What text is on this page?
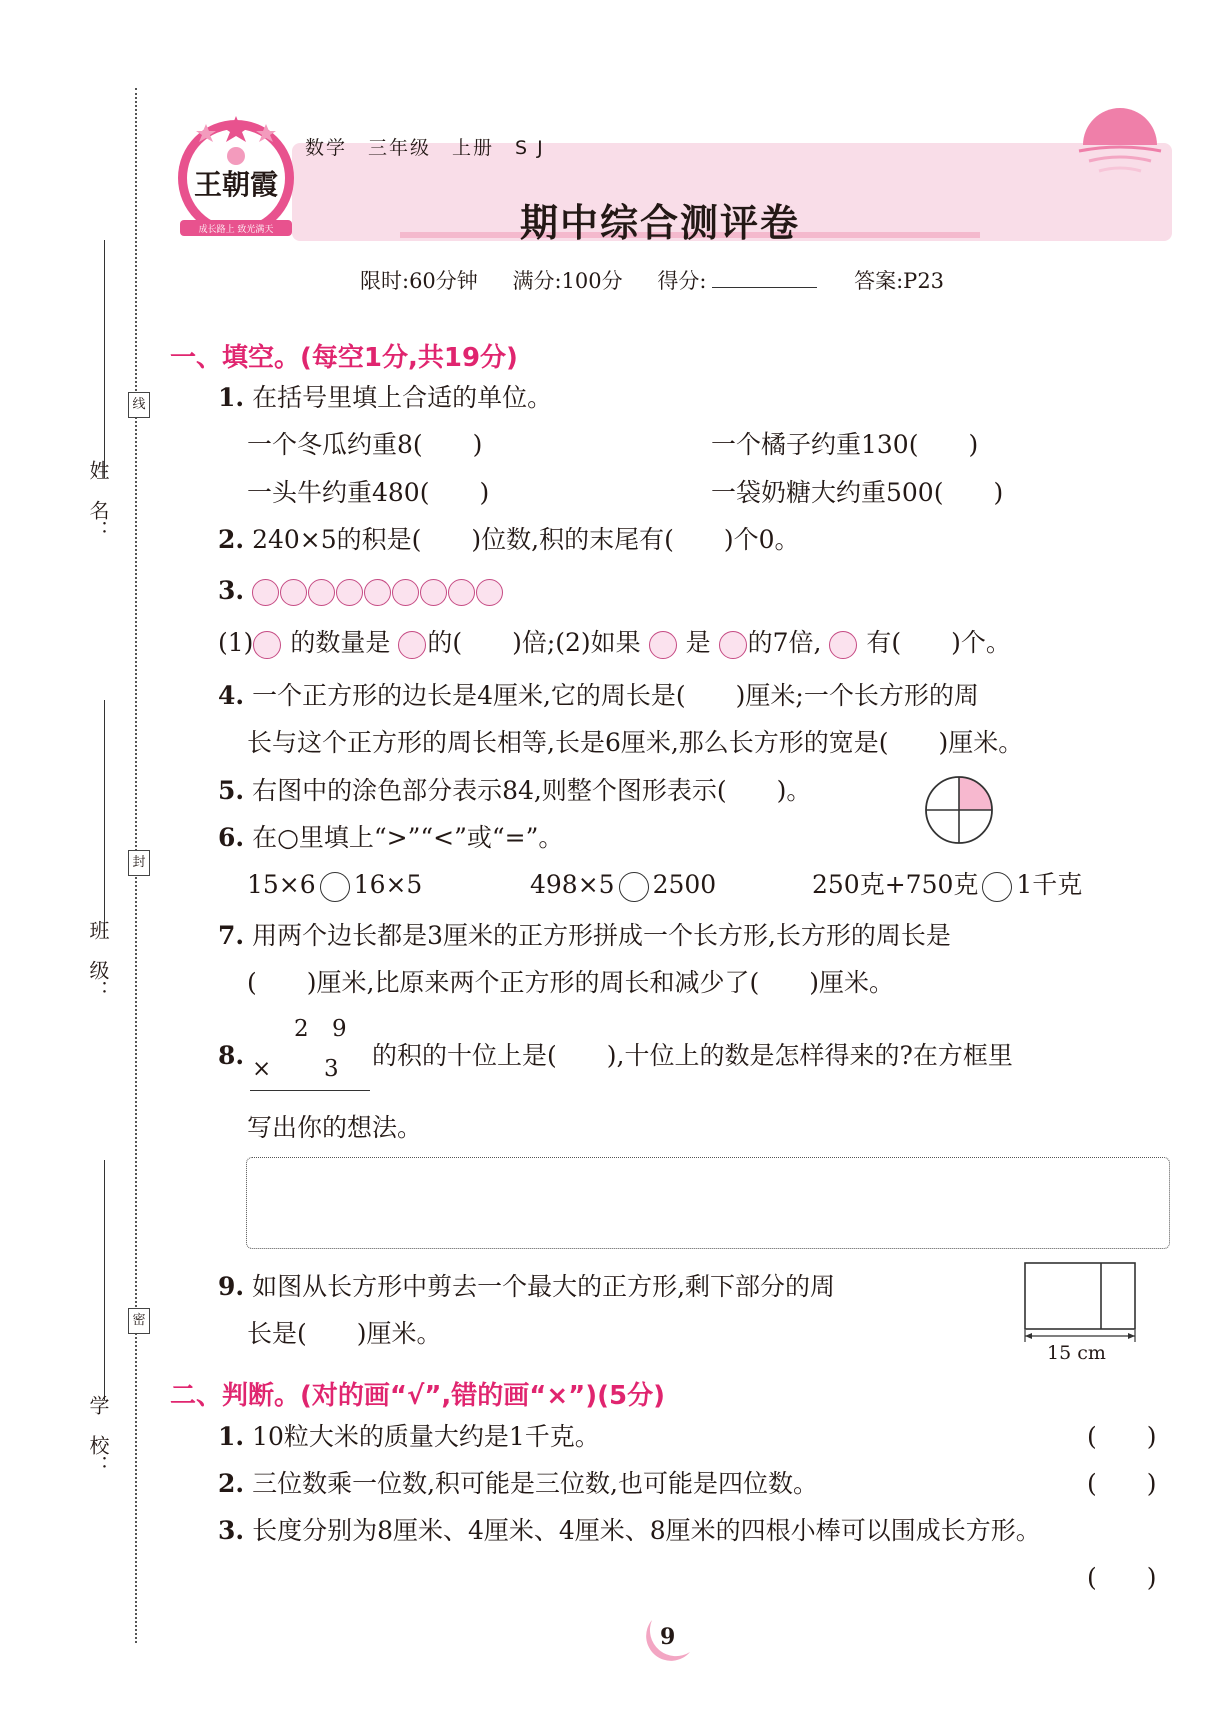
姓　名：
班　级：
学　校：
线
封
密
王朝霞
成长路上 致光满天
数学　三年级　上册　S J
期中综合测评卷
限时:60分钟 满分:100分 得分:	答案:P23
一、填空。(每空1分,共19分)
1. 在括号里填上合适的单位。
一个冬瓜约重8(　　)	一个橘子约重130(　　)
一头牛约重480(　　)	一袋奶糖大约重500(　　)
2. 240×5的积是(　　)位数,积的末尾有(　　)个0。
3.
(1) 的数量是 的(　　)倍;(2)如果 是 的7倍, 有(　　)个。
4. 一个正方形的边长是4厘米,它的周长是(　　)厘米;一个长方形的周
长与这个正方形的周长相等,长是6厘米,那么长方形的宽是(　　)厘米。
5. 右图中的涂色部分表示84,则整个图形表示(　　)。
6. 在○里填上“>”“<”或“=”。
15×6 16×5	498×5 2500	250克+750克 1千克
7. 用两个边长都是3厘米的正方形拼成一个长方形,长方形的周长是
(　　)厘米,比原来两个正方形的周长和减少了(　　)厘米。
8.
2 9
× 3 的积的十位上是(　　),十位上的数是怎样得来的?在方框里
写出你的想法。
9. 如图从长方形中剪去一个最大的正方形,剩下部分的周
长是(　　)厘米。
15 cm
二、判断。(对的画“√”,错的画“×”)(5分)
1. 10粒大米的质量大约是1千克。	(　　)
2. 三位数乘一位数,积可能是三位数,也可能是四位数。	(　　)
3. 长度分别为8厘米、4厘米、4厘米、8厘米的四根小棒可以围成长方形。
(　　)
9
